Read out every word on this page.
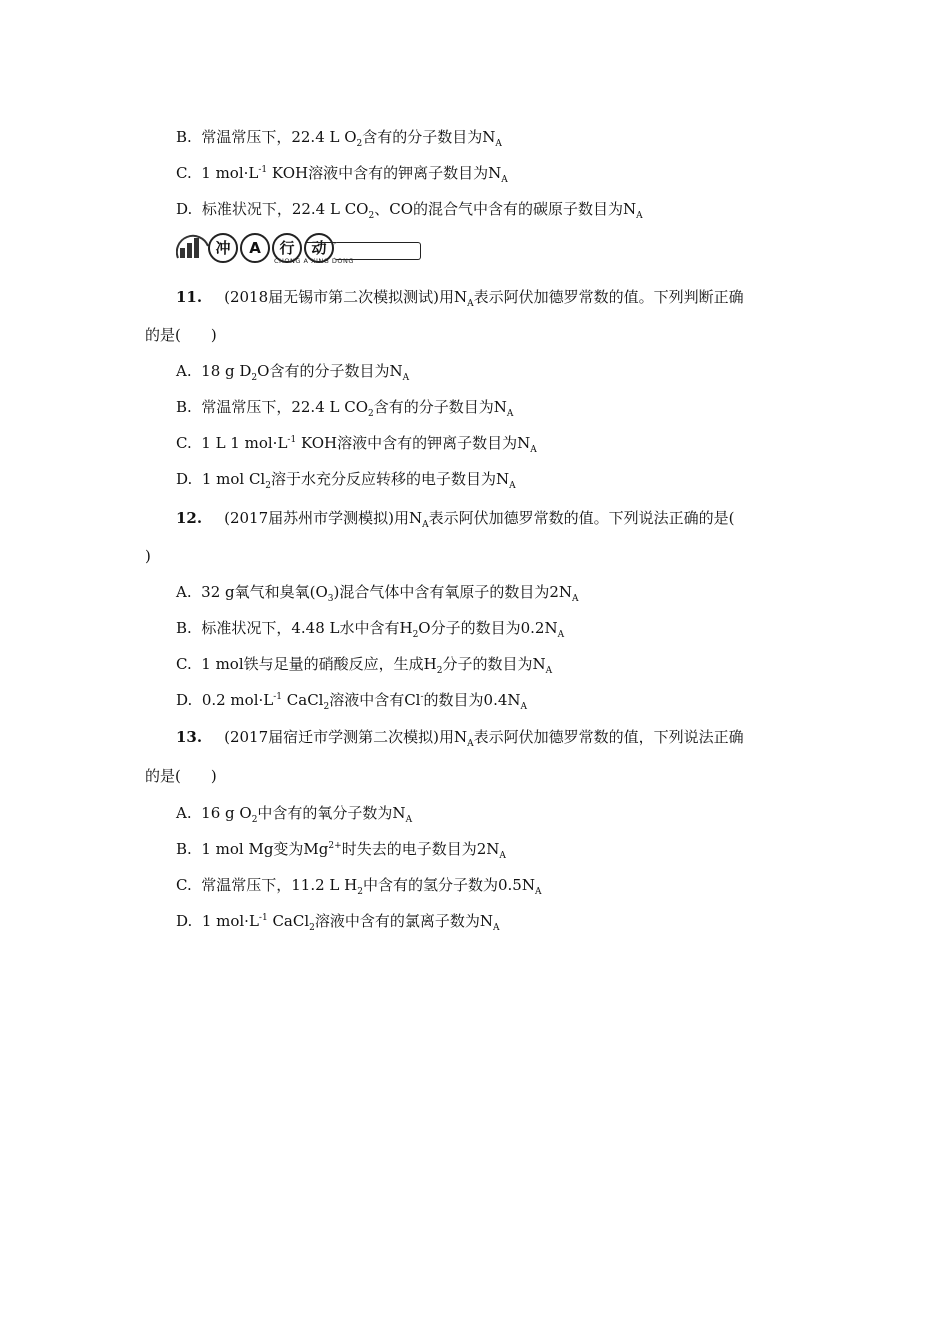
B. 常温常压下，22.4 L $O_2$含有的分子数目为$N_A$
C. 1 $mol\cdot L^{-1}$ KOH溶液中含有的钾离子数目为$N_A$
D. 标准状况下，22.4 L $CO_2$、CO的混合气中含有的碳原子数目为$N_A$
冲	A	行	动
CHONG A XING DONG
11. (2018届无锡市第二次模拟测试)用$N_A$表示阿伏加德罗常数的值。下列判断正确
的是(　　)
A. 18 g $D_2O$含有的分子数目为$N_A$
B. 常温常压下，22.4 L $CO_2$含有的分子数目为$N_A$
C. 1 L 1 $mol\cdot L^{-1}$ KOH溶液中含有的钾离子数目为$N_A$
D. 1 mol $Cl_2$溶于水充分反应转移的电子数目为$N_A$
12. (2017届苏州市学测模拟)用$N_A$表示阿伏加德罗常数的值。下列说法正确的是(
)
A. 32 g氧气和臭氧$(O_3)$混合气体中含有氧原子的数目为$2N_A$
B. 标准状况下，4.48 L水中含有$H_2O$分子的数目为$0.2N_A$
C. 1 mol铁与足量的硝酸反应，生成$H_2$分子的数目为$N_A$
D. 0.2 $mol\cdot L^{-1}$ CaCl$_2$溶液中含有Cl-的数目为$0.4N_A$
13. (2017届宿迁市学测第二次模拟)用$N_A$表示阿伏加德罗常数的值，下列说法正确
的是(　　)
A. 16 g $O_2$中含有的氧分子数为$N_A$
B. 1 mol Mg变为$Mg^{2+}$时失去的电子数目为$2N_A$
C. 常温常压下，11.2 L $H_2$中含有的氢分子数为$0.5N_A$
D. 1 $mol\cdot L^{-1}$ CaCl$_2$溶液中含有的氯离子数为$N_A$
